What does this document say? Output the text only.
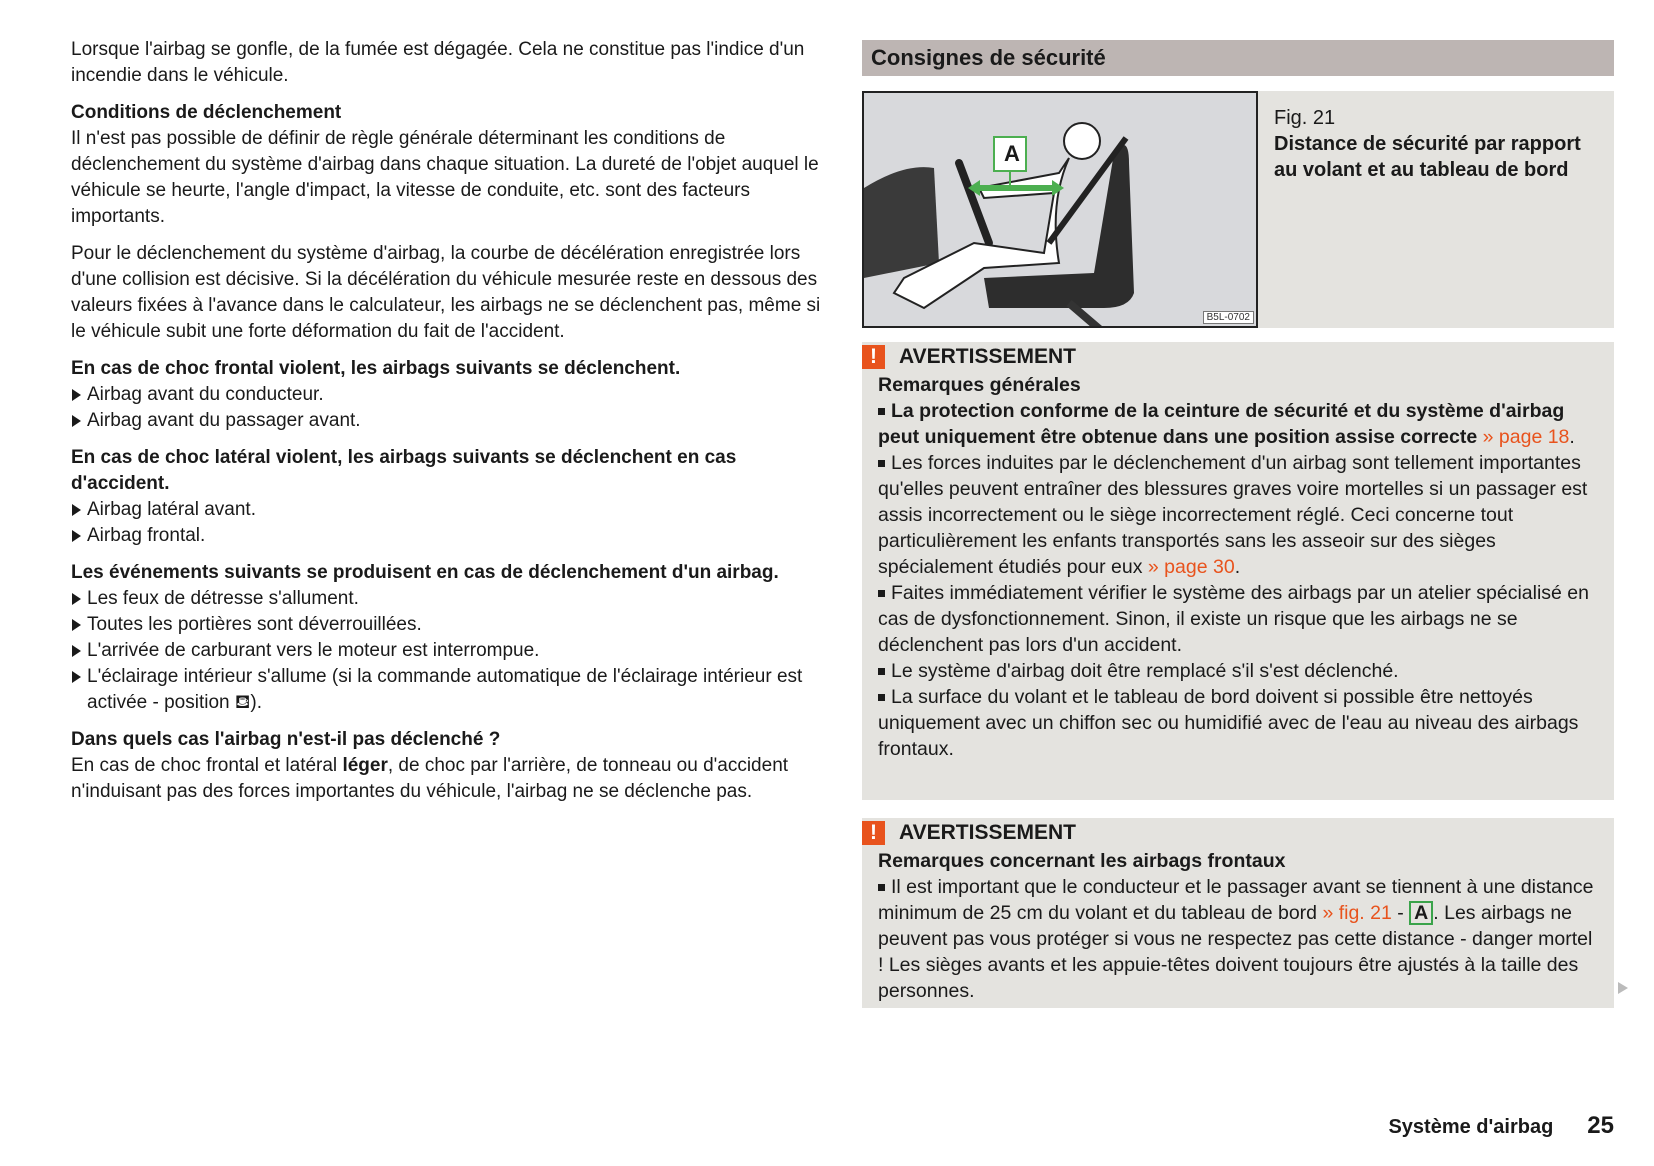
Lorsque l'airbag se gonfle, de la fumée est dégagée. Cela ne constitue pas l'indice d'un incendie dans le véhicule.

Conditions de déclenchement

Il n'est pas possible de définir de règle générale déterminant les conditions de déclenchement du système d'airbag dans chaque situation. La dureté de l'objet auquel le véhicule se heurte, l'angle d'impact, la vitesse de conduite, etc. sont des facteurs importants.

Pour le déclenchement du système d'airbag, la courbe de décélération enregistrée lors d'une collision est décisive. Si la décélération du véhicule mesurée reste en dessous des valeurs fixées à l'avance dans le calculateur, les airbags ne se déclenchent pas, même si le véhicule subit une forte déformation du fait de l'accident.

En cas de choc frontal violent, les airbags suivants se déclenchent.
Airbag avant du conducteur.
Airbag avant du passager avant.
En cas de choc latéral violent, les airbags suivants se déclenchent en cas d'accident.
Airbag latéral avant.
Airbag frontal.
Les événements suivants se produisent en cas de déclenchement d'un airbag.
Les feux de détresse s'allument.
Toutes les portières sont déverrouillées.
L'arrivée de carburant vers le moteur est interrompue.
L'éclairage intérieur s'allume (si la commande automatique de l'éclairage intérieur est activée - position ⛾).
Dans quels cas l'airbag n'est-il pas déclenché ?

En cas de choc frontal et latéral léger, de choc par l'arrière, de tonneau ou d'accident n'induisant pas des forces importantes du véhicule, l'airbag ne se déclenche pas.

Consignes de sécurité
A
B5L-0702
Fig. 21
Distance de sécurité par rapport au volant et au tableau de bord
!	AVERTISSEMENT
Remarques générales

La protection conforme de la ceinture de sécurité et du système d'airbag peut uniquement être obtenue dans une position assise correcte » page 18.

Les forces induites par le déclenchement d'un airbag sont tellement importantes qu'elles peuvent entraîner des blessures graves voire mortelles si un passager est assis incorrectement ou le siège incorrectement réglé. Ceci concerne tout particulièrement les enfants transportés sans les asseoir sur des sièges spécialement étudiés pour eux » page 30.

Faites immédiatement vérifier le système des airbags par un atelier spécialisé en cas de dysfonctionnement. Sinon, il existe un risque que les airbags ne se déclenchent pas lors d'un accident.

Le système d'airbag doit être remplacé s'il s'est déclenché.

La surface du volant et le tableau de bord doivent si possible être nettoyés uniquement avec un chiffon sec ou humidifié avec de l'eau au niveau des airbags frontaux.

!	AVERTISSEMENT
Remarques concernant les airbags frontaux

Il est important que le conducteur et le passager avant se tiennent à une distance minimum de 25 cm du volant et du tableau de bord » fig. 21 - A . Les airbags ne peuvent pas vous protéger si vous ne respectez pas cette distance - danger mortel ! Les sièges avants et les appuie-têtes doivent toujours être ajustés à la taille des personnes.

Système d'airbag 25
